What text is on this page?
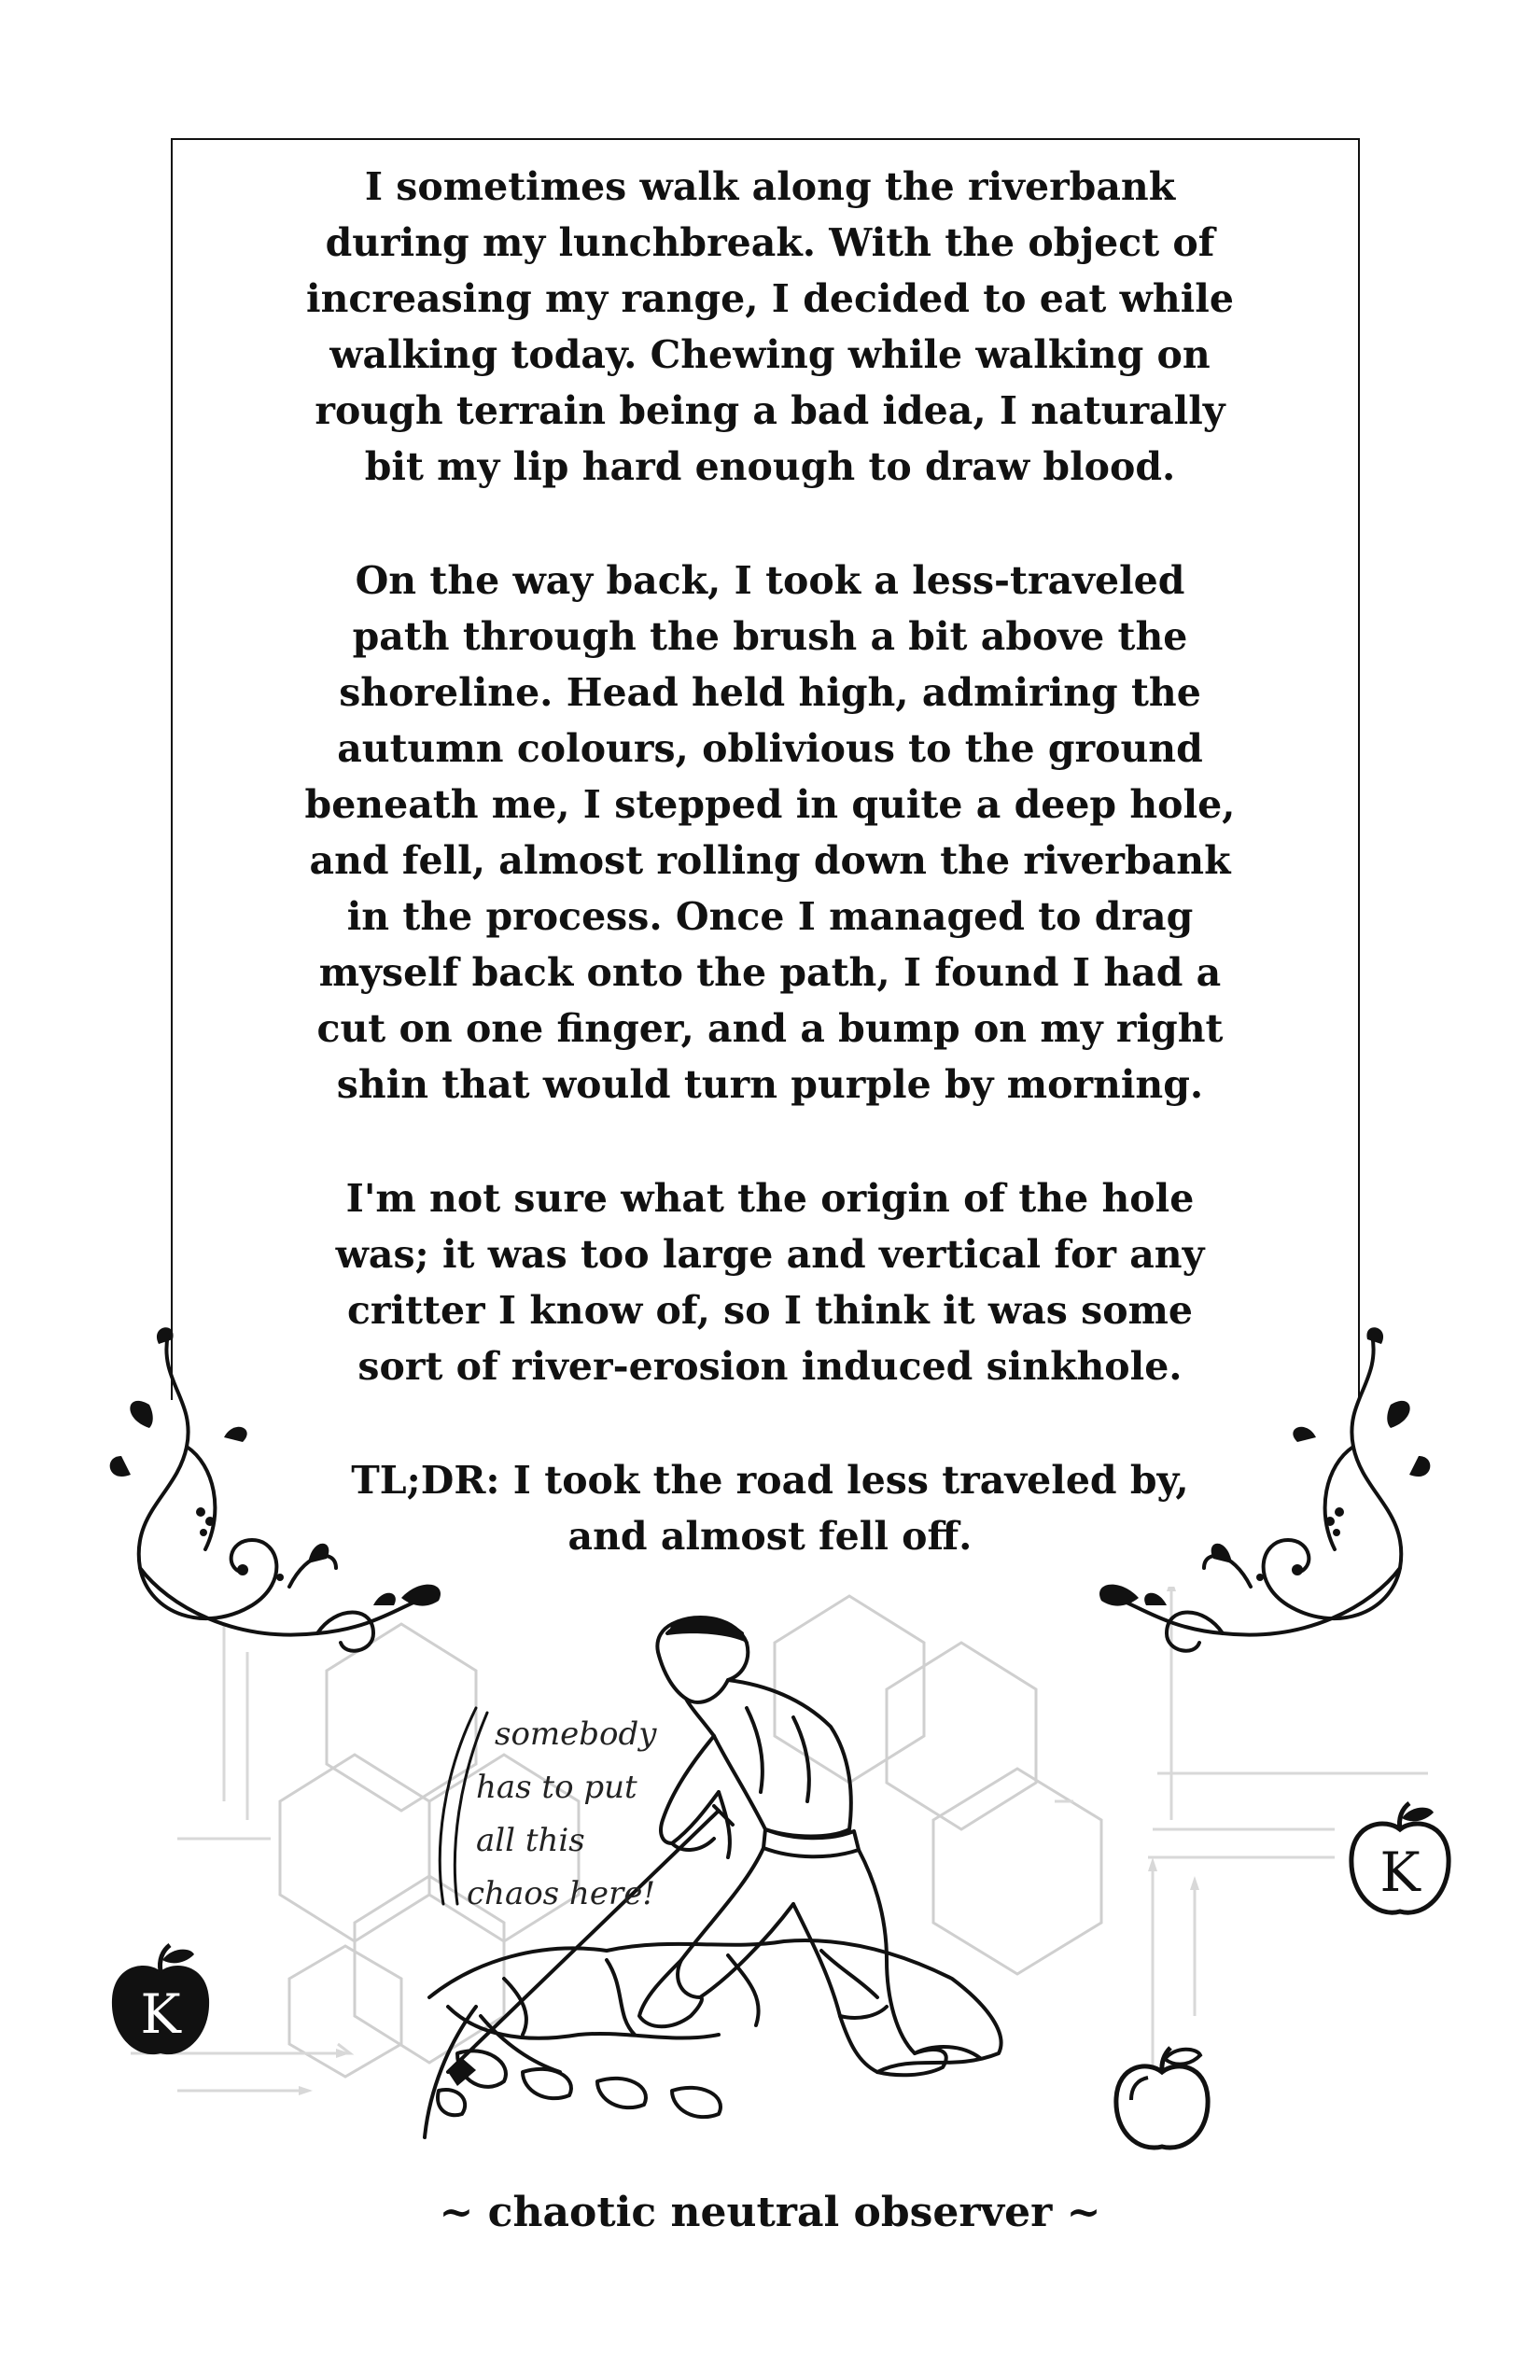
I sometimes walk along the riverbank
during my lunchbreak. With the object of
increasing my range, I decided to eat while
walking today. Chewing while walking on
rough terrain being a bad idea, I naturally
bit my lip hard enough to draw blood.

On the way back, I took a less-traveled
path through the brush a bit above the
shoreline. Head held high, admiring the
autumn colours, oblivious to the ground
beneath me, I stepped in quite a deep hole,
and fell, almost rolling down the riverbank
in the process. Once I managed to drag
myself back onto the path, I found I had a
cut on one finger, and a bump on my right
shin that would turn purple by morning.

I'm not sure what the origin of the hole
was; it was too large and vertical for any
critter I know of, so I think it was some
sort of river-erosion induced sinkhole.

TL;DR: I took the road less traveled by,
and almost fell off.

somebody
has to put
all this
chaos here!
K
K
~ chaotic neutral observer ~
